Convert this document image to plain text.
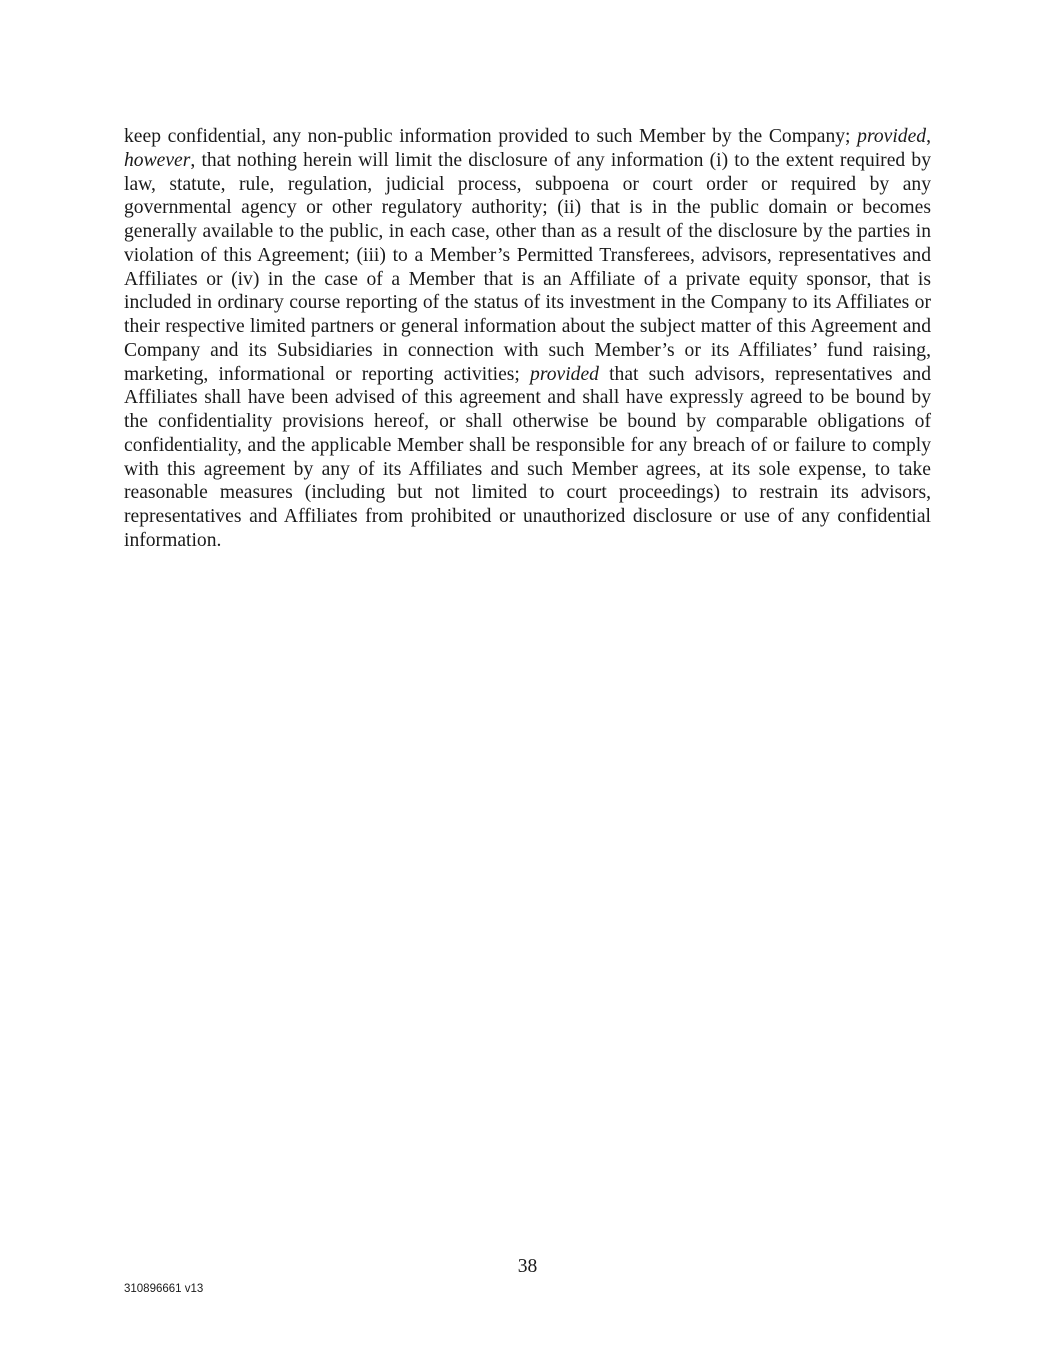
keep confidential, any non-public information provided to such Member by the Company; provided, however, that nothing herein will limit the disclosure of any information (i) to the extent required by law, statute, rule, regulation, judicial process, subpoena or court order or required by any governmental agency or other regulatory authority; (ii) that is in the public domain or becomes generally available to the public, in each case, other than as a result of the disclosure by the parties in violation of this Agreement; (iii) to a Member’s Permitted Transferees, advisors, representatives and Affiliates or (iv) in the case of a Member that is an Affiliate of a private equity sponsor, that is included in ordinary course reporting of the status of its investment in the Company to its Affiliates or their respective limited partners or general information about the subject matter of this Agreement and Company and its Subsidiaries in connection with such Member’s or its Affiliates’ fund raising, marketing, informational or reporting activities; provided that such advisors, representatives and Affiliates shall have been advised of this agreement and shall have expressly agreed to be bound by the confidentiality provisions hereof, or shall otherwise be bound by comparable obligations of confidentiality, and the applicable Member shall be responsible for any breach of or failure to comply with this agreement by any of its Affiliates and such Member agrees, at its sole expense, to take reasonable measures (including but not limited to court proceedings) to restrain its advisors, representatives and Affiliates from prohibited or unauthorized disclosure or use of any confidential information.

38
310896661 v13
